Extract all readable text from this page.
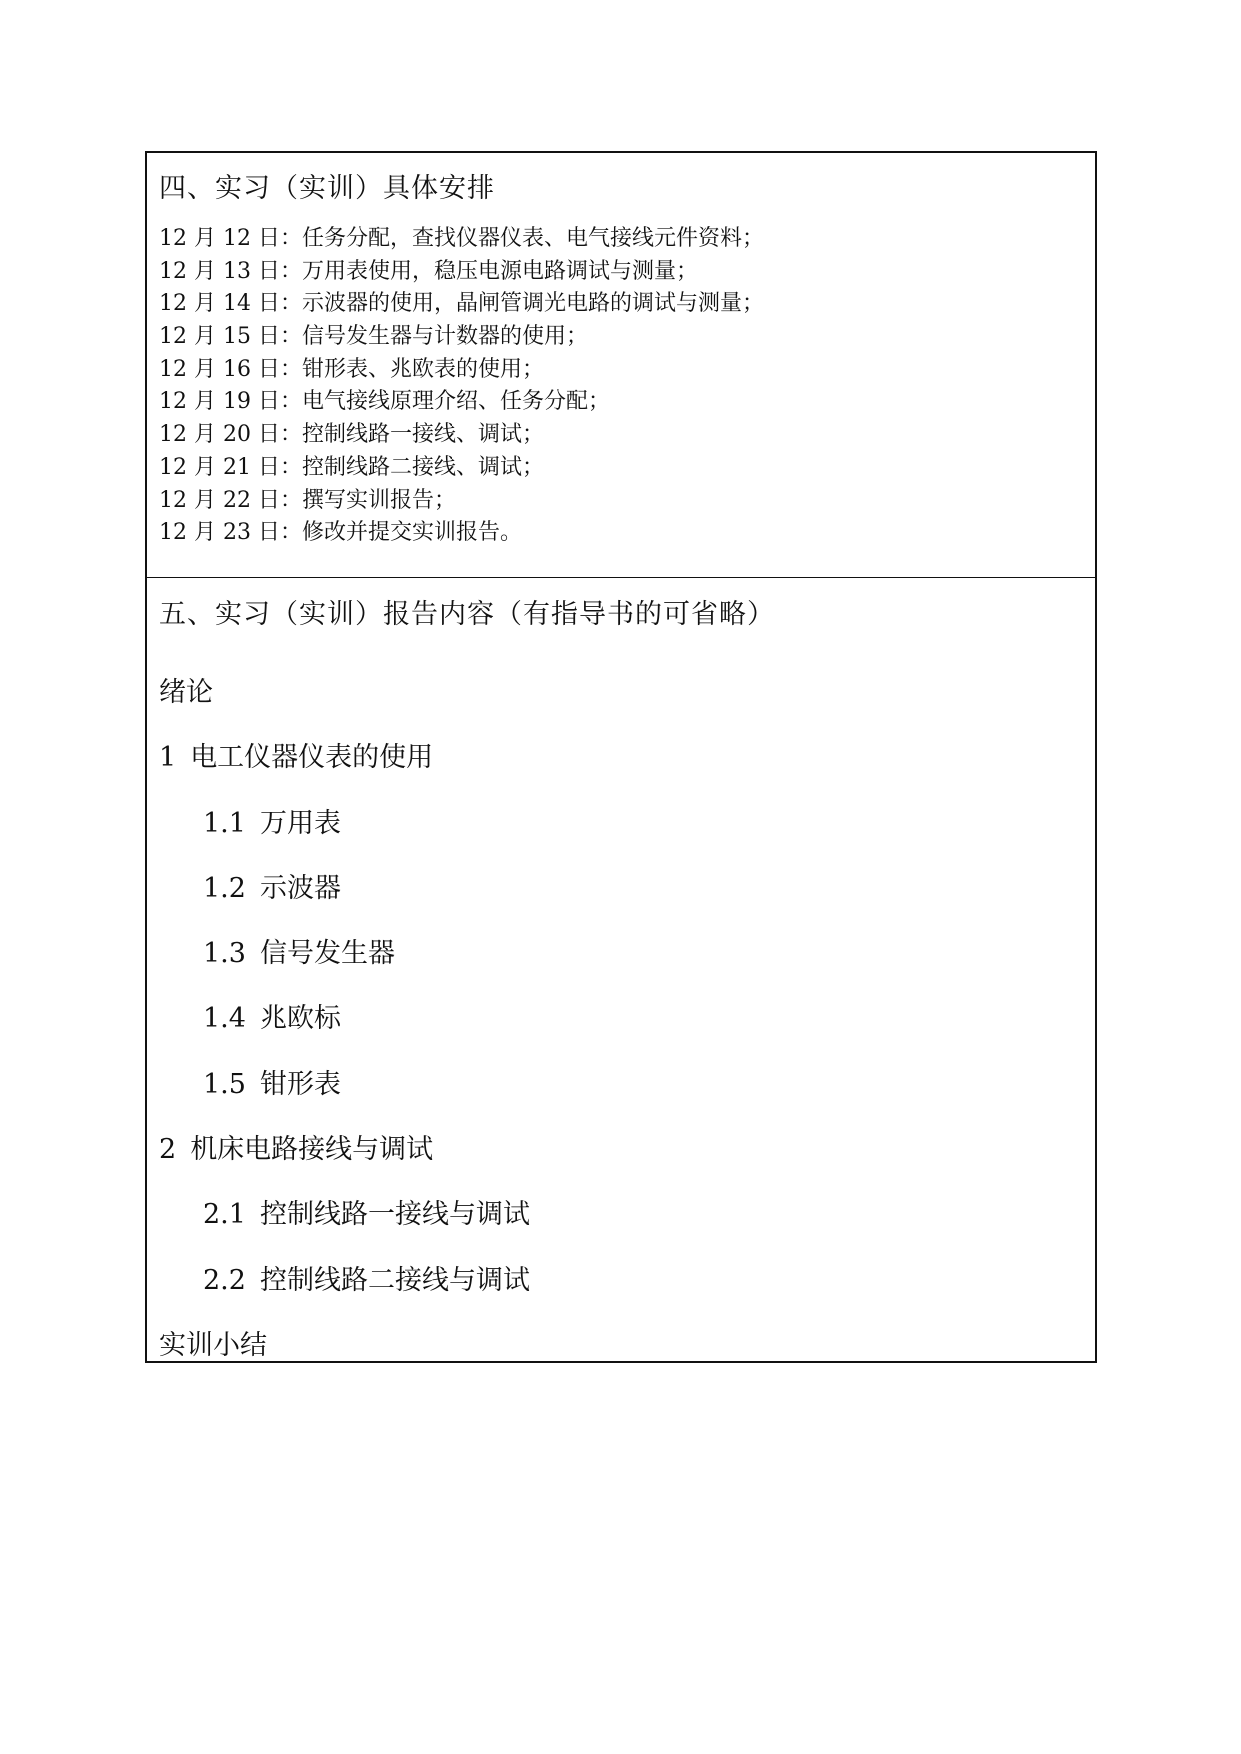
四、实习（实训）具体安排
12 月 12 日：任务分配，查找仪器仪表、电气接线元件资料；
12 月 13 日：万用表使用，稳压电源电路调试与测量；
12 月 14 日：示波器的使用，晶闸管调光电路的调试与测量；
12 月 15 日：信号发生器与计数器的使用；
12 月 16 日：钳形表、兆欧表的使用；
12 月 19 日：电气接线原理介绍、任务分配；
12 月 20 日：控制线路一接线、调试；
12 月 21 日：控制线路二接线、调试；
12 月 22 日：撰写实训报告；
12 月 23 日：修改并提交实训报告。
五、实习（实训）报告内容（有指导书的可省略）
绪论
1 电工仪器仪表的使用
1.1 万用表
1.2 示波器
1.3 信号发生器
1.4 兆欧标
1.5 钳形表
2 机床电路接线与调试
2.1 控制线路一接线与调试
2.2 控制线路二接线与调试
实训小结
